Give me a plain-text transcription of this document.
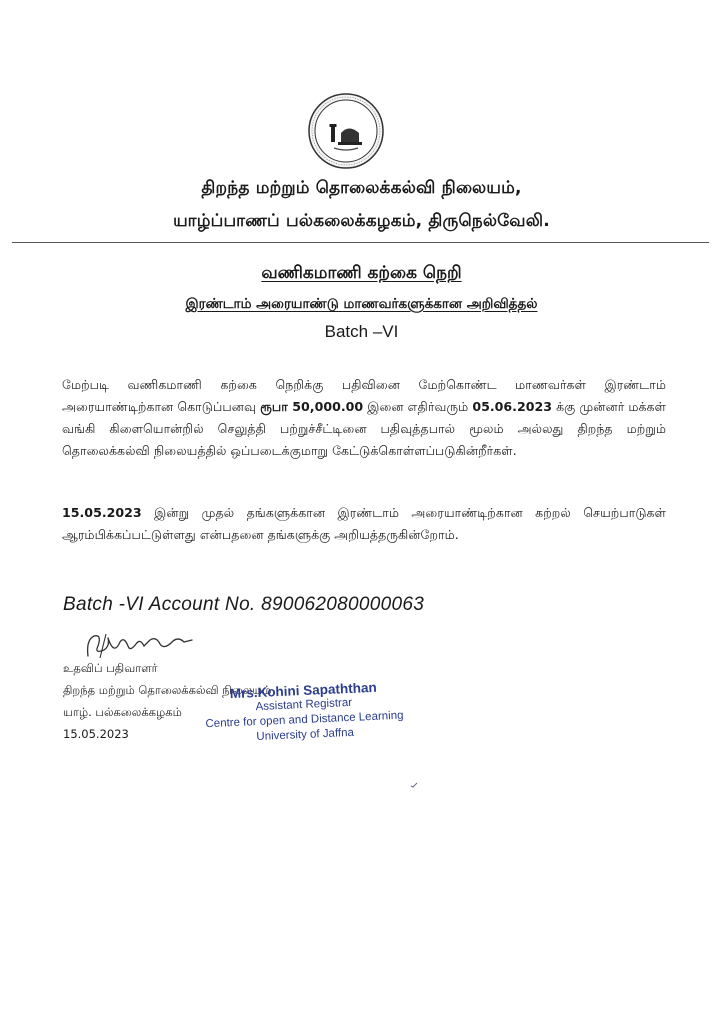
திறந்த மற்றும் தொலைக்கல்வி நிலையம்,
யாழ்ப்பாணப் பல்கலைக்கழகம், திருநெல்வேலி.
வணிகமாணி கற்கை நெறி
இரண்டாம் அரையாண்டு மாணவர்களுக்கான அறிவித்தல்
Batch –VI
மேற்படி வணிகமாணி கற்கை நெறிக்கு பதிவினை மேற்கொண்ட மாணவர்கள் இரண்டாம் அரையாண்டிற்கான கொடுப்பனவு ரூபா 50,000.00 இனை எதிர்வரும் 05.06.2023 க்கு முன்னர் மக்கள் வங்கி கிளையொன்றில் செலுத்தி பற்றுச்சீட்டினை பதிவுத்தபால் மூலம் அல்லது திறந்த மற்றும் தொலைக்கல்வி நிலையத்தில் ஒப்படைக்குமாறு கேட்டுக்கொள்ளப்படுகின்றீர்கள்.
15.05.2023 இன்று முதல் தங்களுக்கான இரண்டாம் அரையாண்டிற்கான கற்றல் செயற்பாடுகள் ஆரம்பிக்கப்பட்டுள்ளது என்பதனை தங்களுக்கு அறியத்தருகின்றோம்.
Batch -VI Account No. 890062080000063
உதவிப் பதிவாளர்
திறந்த மற்றும் தொலைக்கல்வி நிலையம்
யாழ். பல்கலைக்கழகம்
15.05.2023
Mrs.Kohini Sapaththan
Assistant Registrar
Centre for open and Distance Learning
University of Jaffna
